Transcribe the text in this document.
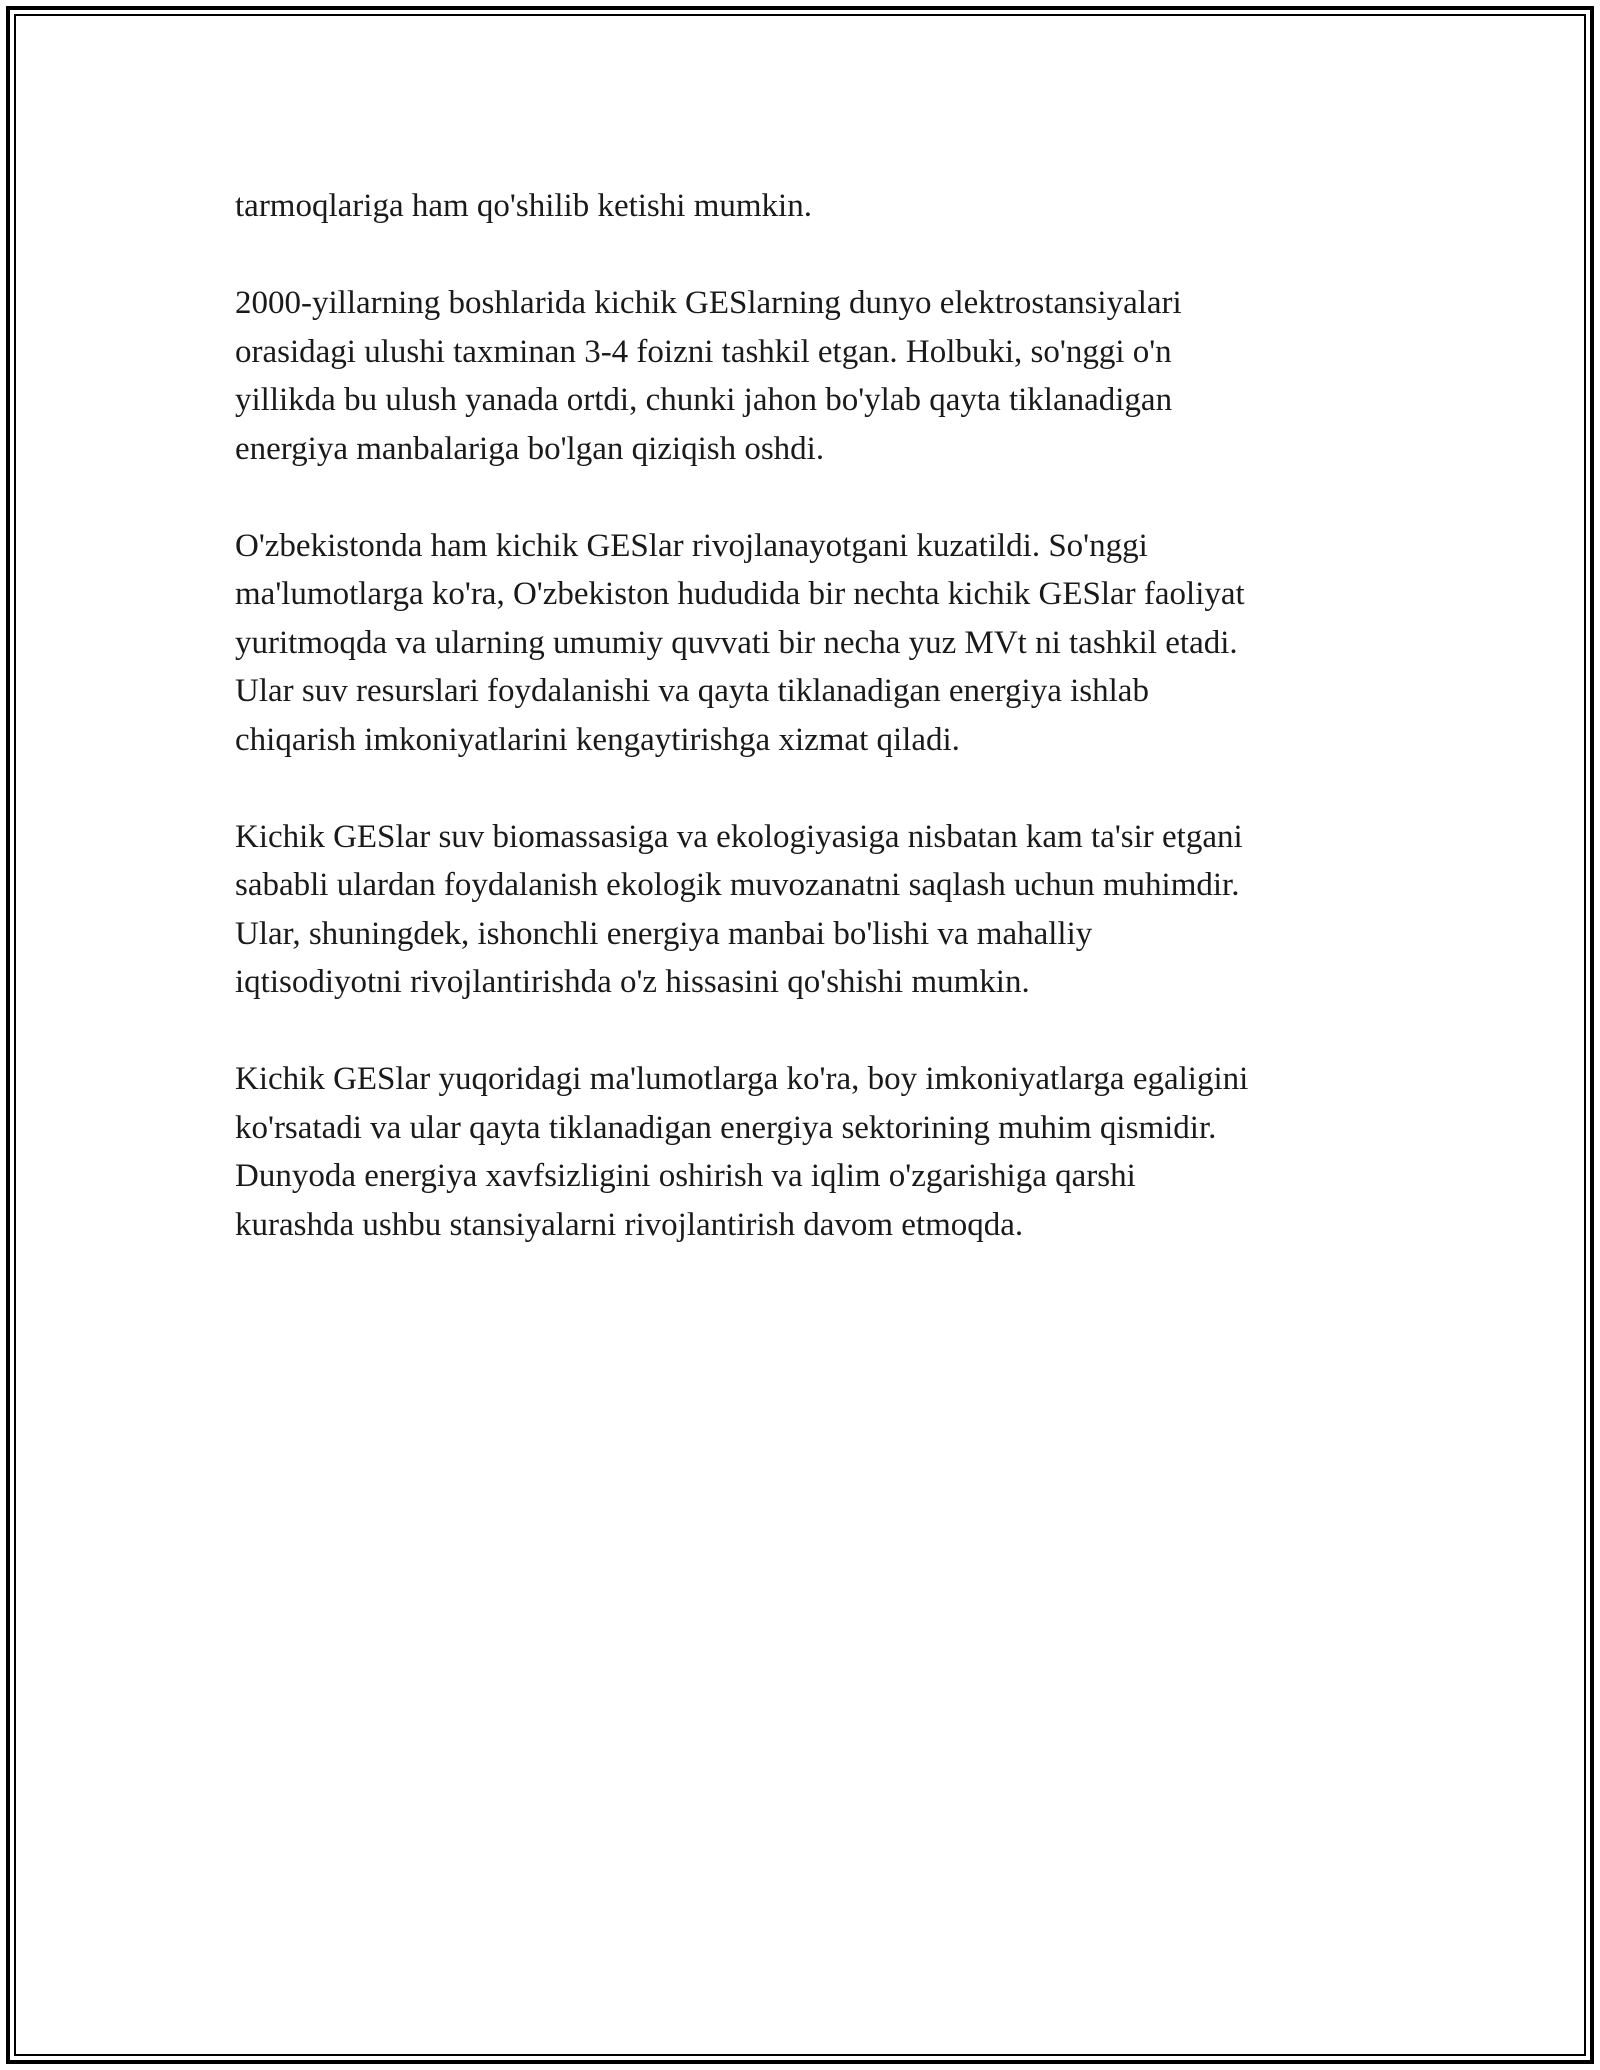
tarmoqlariga ham qo'shilib ketishi mumkin.

2000-yillarning boshlarida kichik GESlarning dunyo elektrostansiyalari
orasidagi ulushi taxminan 3-4 foizni tashkil etgan. Holbuki, so'nggi o'n
yillikda bu ulush yanada ortdi, chunki jahon bo'ylab qayta tiklanadigan
energiya manbalariga bo'lgan qiziqish oshdi.

O'zbekistonda ham kichik GESlar rivojlanayotgani kuzatildi. So'nggi
ma'lumotlarga ko'ra, O'zbekiston hududida bir nechta kichik GESlar faoliyat
yuritmoqda va ularning umumiy quvvati bir necha yuz MVt ni tashkil etadi.
Ular suv resurslari foydalanishi va qayta tiklanadigan energiya ishlab
chiqarish imkoniyatlarini kengaytirishga xizmat qiladi.

Kichik GESlar suv biomassasiga va ekologiyasiga nisbatan kam ta'sir etgani
sababli ulardan foydalanish ekologik muvozanatni saqlash uchun muhimdir.
Ular, shuningdek, ishonchli energiya manbai bo'lishi va mahalliy
iqtisodiyotni rivojlantirishda o'z hissasini qo'shishi mumkin.

Kichik GESlar yuqoridagi ma'lumotlarga ko'ra, boy imkoniyatlarga egaligini
ko'rsatadi va ular qayta tiklanadigan energiya sektorining muhim qismidir.
Dunyoda energiya xavfsizligini oshirish va iqlim o'zgarishiga qarshi
kurashda ushbu stansiyalarni rivojlantirish davom etmoqda.
